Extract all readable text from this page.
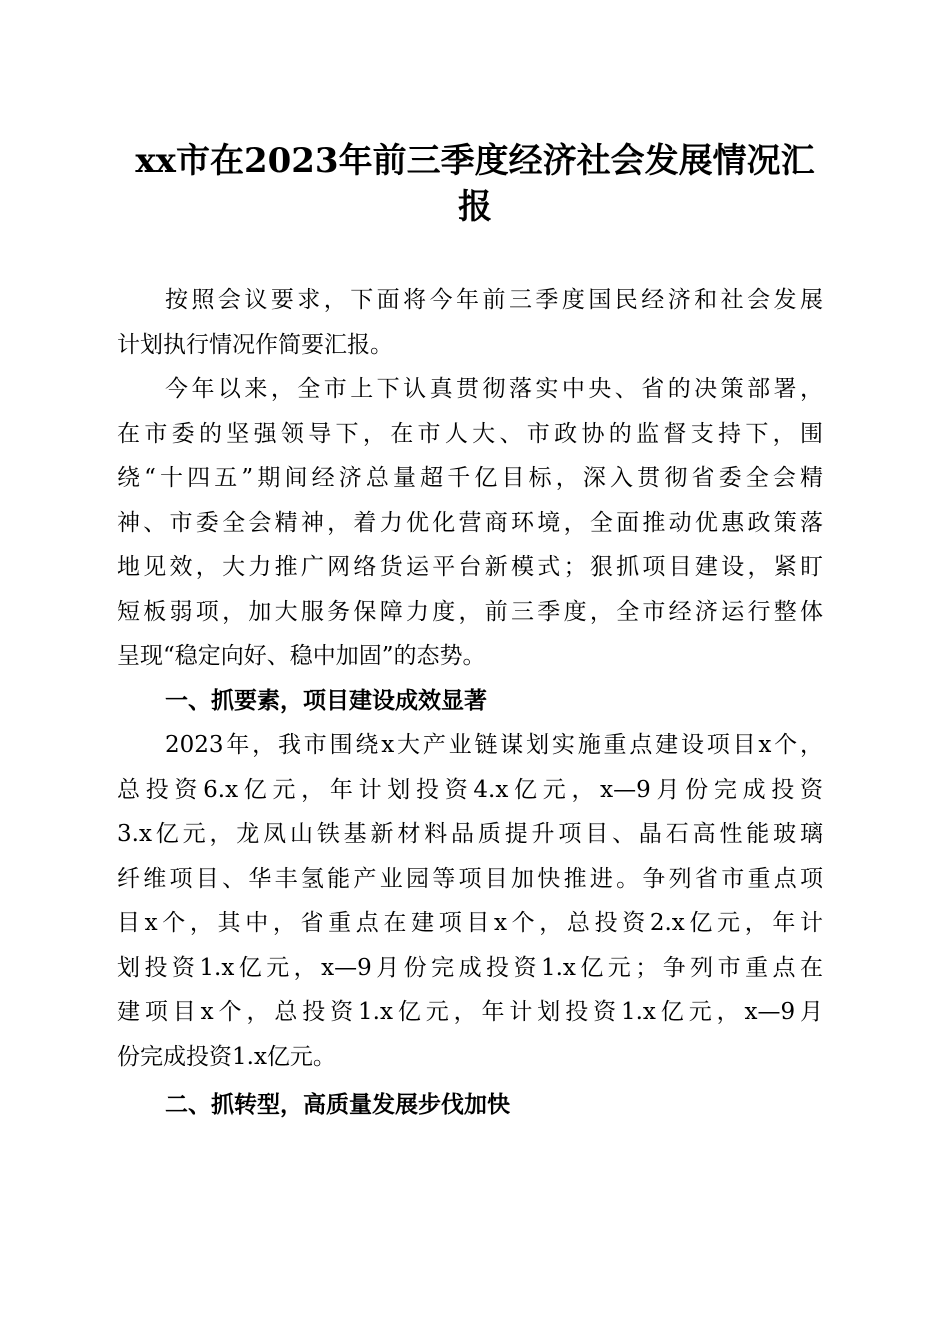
xx市在2023年前三季度经济社会发展情况汇
报
按照会议要求，下面将今年前三季度国民经济和社会发展
计划执行情况作简要汇报。
今年以来，全市上下认真贯彻落实中央、省的决策部署，
在市委的坚强领导下，在市人大、市政协的监督支持下，围
绕“十四五”期间经济总量超千亿目标，深入贯彻省委全会精
神、市委全会精神，着力优化营商环境，全面推动优惠政策落
地见效，大力推广网络货运平台新模式；狠抓项目建设，紧盯
短板弱项，加大服务保障力度，前三季度，全市经济运行整体
呈现“稳定向好、稳中加固”的态势。
一、抓要素，项目建设成效显著
2023年，我市围绕x大产业链谋划实施重点建设项目x个，
总投资6.x亿元，年计划投资4.x亿元，x—9月份完成投资
3.x亿元，龙凤山铁基新材料品质提升项目、晶石高性能玻璃
纤维项目、华丰氢能产业园等项目加快推进。争列省市重点项
目x个，其中，省重点在建项目x个，总投资2.x亿元，年计
划投资1.x亿元，x—9月份完成投资1.x亿元；争列市重点在
建项目x个，总投资1.x亿元，年计划投资1.x亿元，x—9月
份完成投资1.x亿元。
二、抓转型，高质量发展步伐加快
